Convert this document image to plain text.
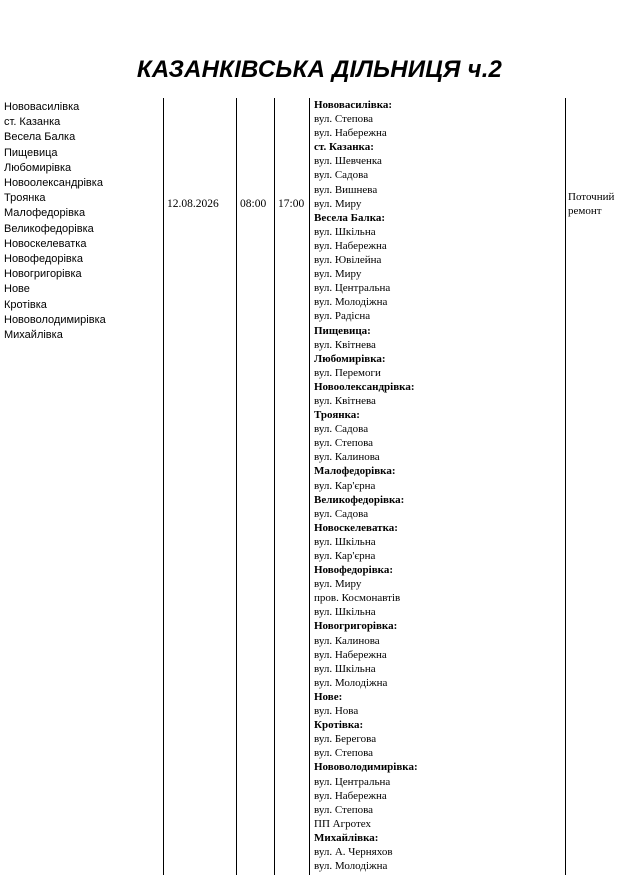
КАЗАНКІВСЬКА ДІЛЬНИЦЯ ч.2
Нововасилівка
ст. Казанка
Весела Балка
Пищевица
Любомирівка
Новоолександрівка
Троянка
Малофедорівка
Великофедорівка
Новоскелеватка
Новофедорівка
Новогригорівка
Нове
Кротівка
Нововолодимирівка
Михайлівка
12.08.2026 08:00 17:00
Нововасилівка:
вул. Степова
вул. Набережна
ст. Казанка:
вул. Шевченка
вул. Садова
вул. Вишнева
вул. Миру
Весела Балка:
вул. Шкільна
вул. Набережна
вул. Ювілейна
вул. Миру
вул. Центральна
вул. Молодіжна
вул. Радісна
Пищевица:
вул. Квітнева
Любомирівка:
вул. Перемоги
Новоолександрівка:
вул. Квітнева
Троянка:
вул. Садова
вул. Степова
вул. Калинова
Малофедорівка:
вул. Кар'єрна
Великофедорівка:
вул. Садова
Новоскелеватка:
вул. Шкільна
вул. Кар'єрна
Новофедорівка:
вул. Миру
пров. Космонавтів
вул. Шкільна
Новогригорівка:
вул. Калинова
вул. Набережна
вул. Шкільна
вул. Молодіжна
Нове:
вул. Нова
Кротівка:
вул. Берегова
вул. Степова
Нововолодимирівка:
вул. Центральна
вул. Набережна
вул. Степова
ПП Агротех
Михайлівка:
вул. А. Черняхов
вул. Молодіжна
Поточний
ремонт
